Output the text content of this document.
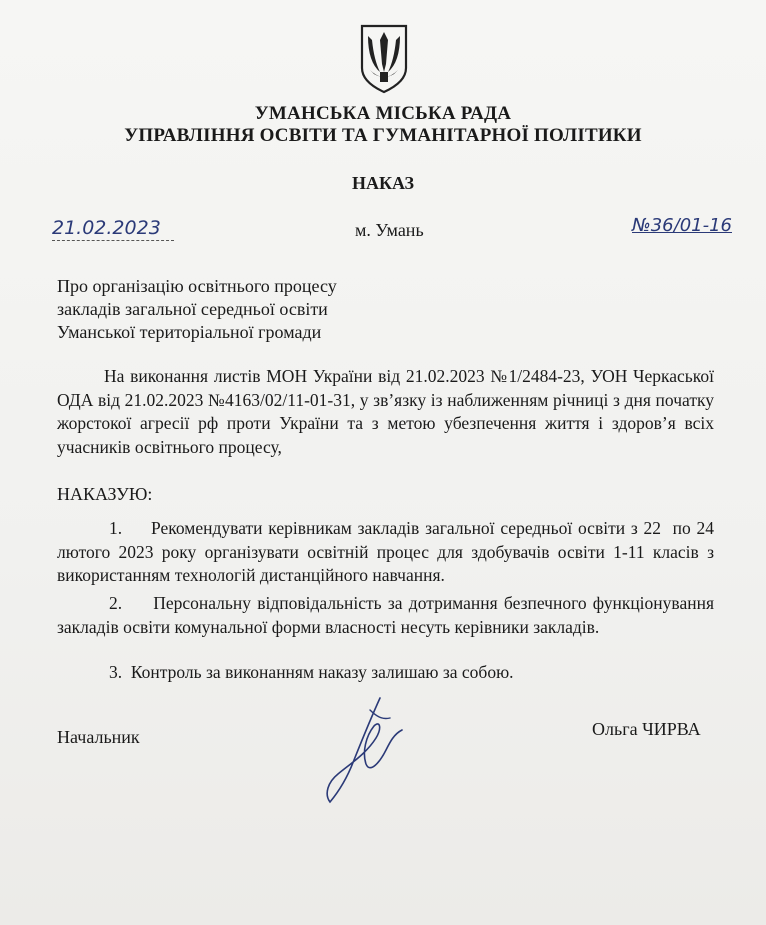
УМАНСЬКА МІСЬКА РАДА
УПРАВЛІННЯ ОСВІТИ ТА ГУМАНІТАРНОЇ ПОЛІТИКИ
НАКАЗ
21.02.2023	м. Умань	№36/01-16
Про організацію освітнього процесу
закладів загальної середньої освіти
Уманської територіальної громади
На виконання листів МОН України від 21.02.2023 №1/2484-23, УОН Черкаської ОДА від 21.02.2023 №4163/02/11-01-31, у зв’язку із наближенням річниці з дня початку жорстокої агресії рф проти України та з метою убезпечення життя і здоров’я всіх учасників освітнього процесу,
НАКАЗУЮ:
1.     Рекомендувати керівникам закладів загальної середньої освіти з 22  по 24 лютого 2023 року організувати освітній процес для здобувачів освіти 1-11 класів з використанням технологій дистанційного навчання.
2.     Персональну відповідальність за дотримання безпечного функціонування закладів освіти комунальної форми власності несуть керівники закладів.
3.  Контроль за виконанням наказу залишаю за собою.
Начальник	Ольга ЧИРВА
